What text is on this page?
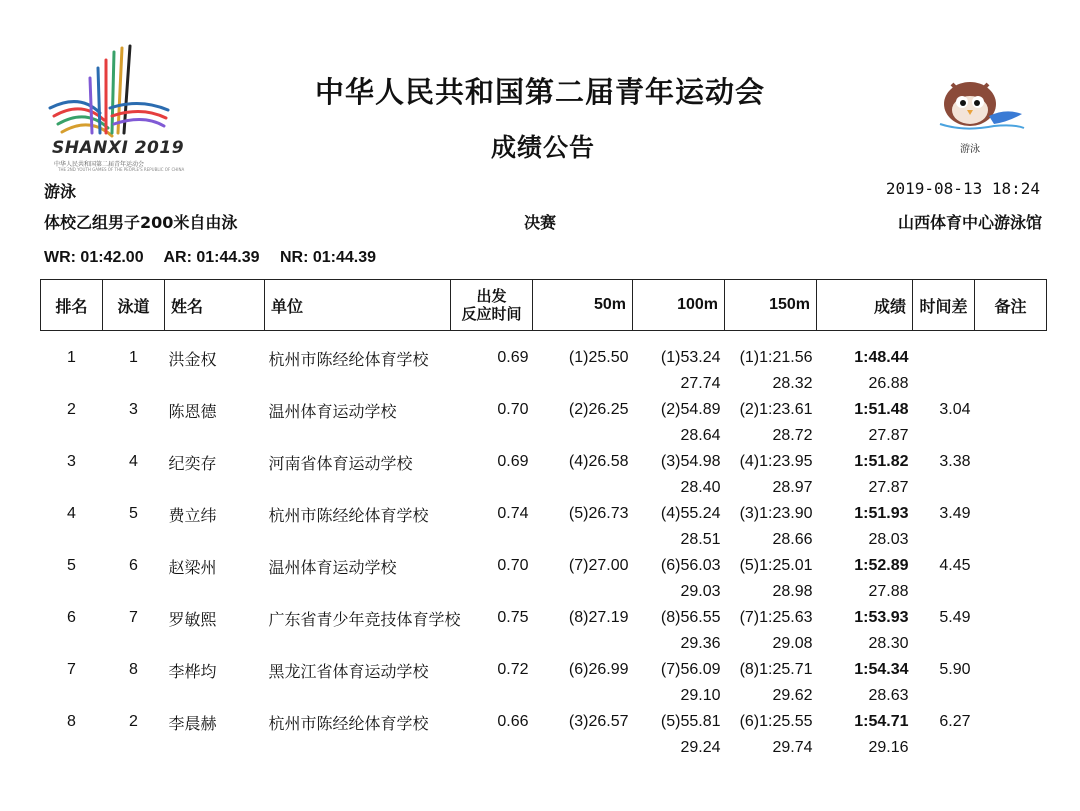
SHANXI 2019
中华人民共和国第二届青年运动会
THE 2ND YOUTH GAMES OF THE PEOPLE'S REPUBLIC OF CHINA
中华人民共和国第二届青年运动会
成绩公告	游泳
游泳	2019-08-13 18:24
体校乙组男子200米自由泳	决赛	山西体育中心游泳馆
WR: 01:42.00 AR: 01:44.39 NR: 01:44.39
排名	泳道	姓名	单位	出发
反应时间	50m	100m	150m	成绩	时间差	备注

1	1	洪金权	杭州市陈经纶体育学校	0.69	(1)25.50	(1)53.24	(1)1:21.56	1:48.44		
						27.74	28.32	26.88		
2	3	陈恩德	温州体育运动学校	0.70	(2)26.25	(2)54.89	(2)1:23.61	1:51.48	3.04	
						28.64	28.72	27.87		
3	4	纪奕存	河南省体育运动学校	0.69	(4)26.58	(3)54.98	(4)1:23.95	1:51.82	3.38	
						28.40	28.97	27.87		
4	5	费立纬	杭州市陈经纶体育学校	0.74	(5)26.73	(4)55.24	(3)1:23.90	1:51.93	3.49	
						28.51	28.66	28.03		
5	6	赵梁州	温州体育运动学校	0.70	(7)27.00	(6)56.03	(5)1:25.01	1:52.89	4.45	
						29.03	28.98	27.88		
6	7	罗敏熙	广东省青少年竞技体育学校	0.75	(8)27.19	(8)56.55	(7)1:25.63	1:53.93	5.49	
						29.36	29.08	28.30		
7	8	李桦均	黑龙江省体育运动学校	0.72	(6)26.99	(7)56.09	(8)1:25.71	1:54.34	5.90	
						29.10	29.62	28.63		
8	2	李晨赫	杭州市陈经纶体育学校	0.66	(3)26.57	(5)55.81	(6)1:25.55	1:54.71	6.27	
						29.24	29.74	29.16		
